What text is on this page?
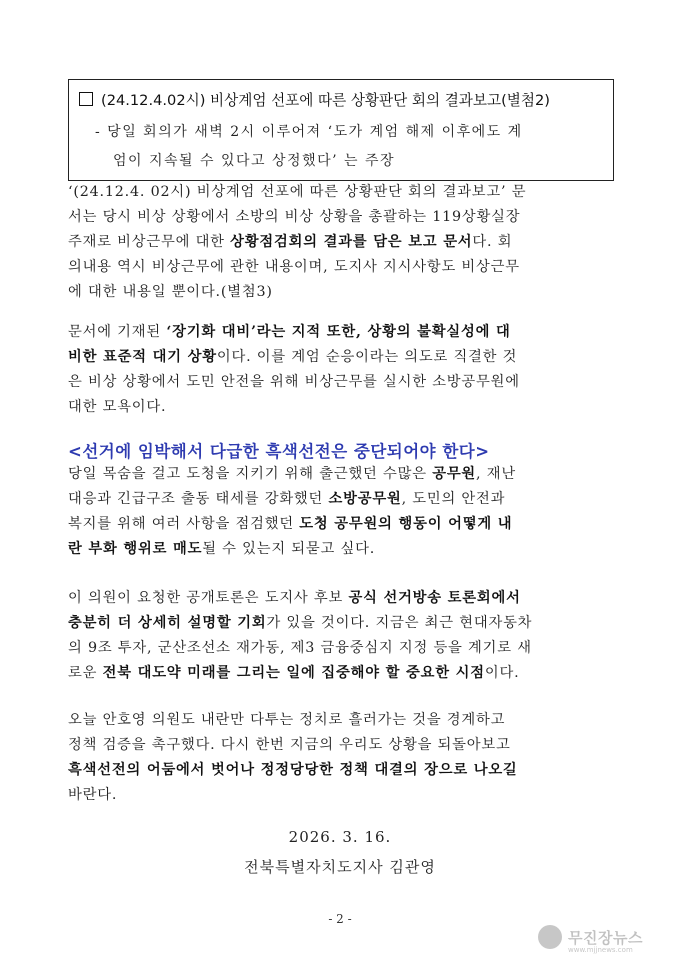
(24.12.4.02시) 비상계엄 선포에 따른 상황판단 회의 결과보고(별첨2)
- 당일 회의가 새벽 2시 이루어져 ‘도가 계엄 해제 이후에도 계
엄이 지속될 수 있다고 상정했다’ 는 주장
‘(24.12.4. 02시) 비상계엄 선포에 따른 상황판단 회의 결과보고’ 문
서는 당시 비상 상황에서 소방의 비상 상황을 총괄하는 119상황실장
주재로 비상근무에 대한 상황점검회의 결과를 담은 보고 문서다. 회
의내용 역시 비상근무에 관한 내용이며, 도지사 지시사항도 비상근무
에 대한 내용일 뿐이다.(별첨3)
문서에 기재된 ‘장기화 대비’라는 지적 또한, 상황의 불확실성에 대
비한 표준적 대기 상황이다. 이를 계엄 순응이라는 의도로 직결한 것
은 비상 상황에서 도민 안전을 위해 비상근무를 실시한 소방공무원에
대한 모욕이다.
<선거에 임박해서 다급한 흑색선전은 중단되어야 한다>
당일 목숨을 걸고 도청을 지키기 위해 출근했던 수많은 공무원, 재난
대응과 긴급구조 출동 태세를 강화했던 소방공무원, 도민의 안전과
복지를 위해 여러 사항을 점검했던 도청 공무원의 행동이 어떻게 내
란 부화 행위로 매도될 수 있는지 되묻고 싶다.
이 의원이 요청한 공개토론은 도지사 후보 공식 선거방송 토론회에서
충분히 더 상세히 설명할 기회가 있을 것이다. 지금은 최근 현대자동차
의 9조 투자, 군산조선소 재가동, 제3 금융중심지 지정 등을 계기로 새
로운 전북 대도약 미래를 그리는 일에 집중해야 할 중요한 시점이다.
오늘 안호영 의원도 내란만 다투는 정치로 흘러가는 것을 경계하고
정책 검증을 촉구했다. 다시 한번 지금의 우리도 상황을 되돌아보고
흑색선전의 어둠에서 벗어나 정정당당한 정책 대결의 장으로 나오길
바란다.
2026. 3. 16.
전북특별자치도지사 김관영
- 2 -
무진장뉴스
www.mjjnews.com
